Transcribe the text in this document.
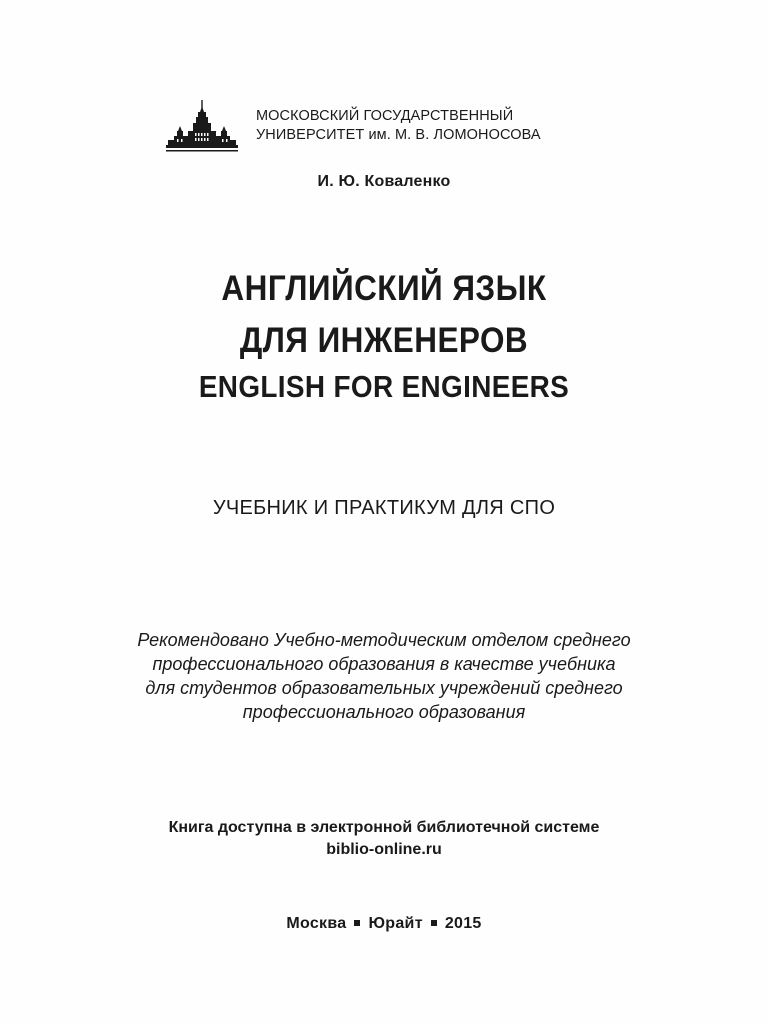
МОСКОВСКИЙ ГОСУДАРСТВЕННЫЙ
УНИВЕРСИТЕТ им. М. В. ЛОМОНОСОВА
И. Ю. Коваленко
АНГЛИЙСКИЙ ЯЗЫК
ДЛЯ ИНЖЕНЕРОВ
ENGLISH FOR ENGINEERS
УЧЕБНИК И ПРАКТИКУМ ДЛЯ СПО
Рекомендовано Учебно-методическим отделом среднего
профессионального образования в качестве учебника
для студентов образовательных учреждений среднего
профессионального образования
Книга доступна в электронной библиотечной системе
biblio-online.ru
Москва Юрайт 2015
